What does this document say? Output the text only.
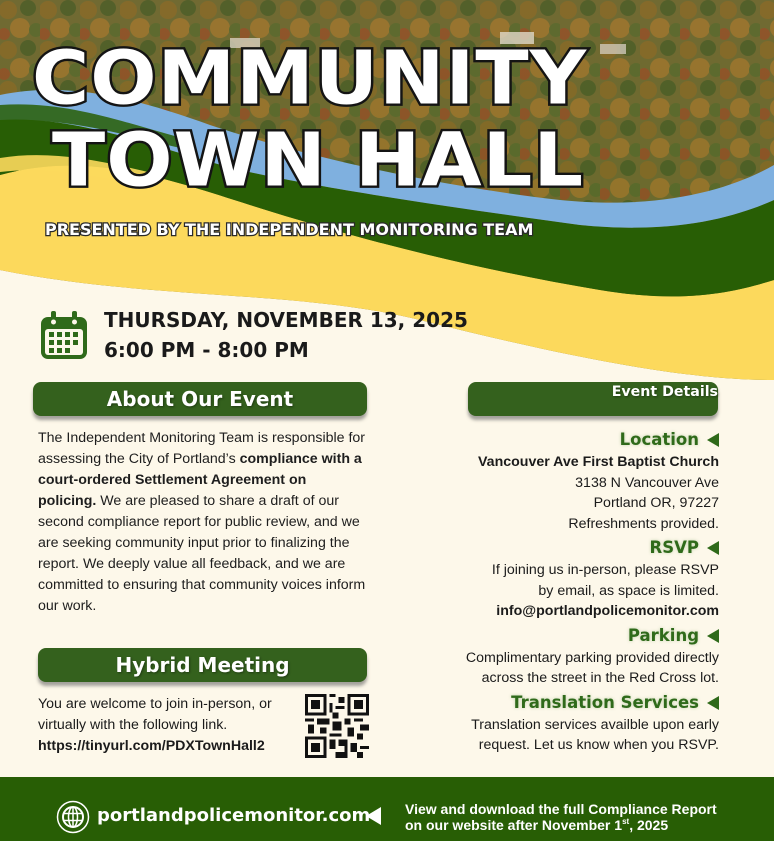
COMMUNITY
TOWN HALL
PRESENTED BY THE INDEPENDENT MONITORING TEAM
THURSDAY, NOVEMBER 13, 2025
6:00 PM - 8:00 PM
About Our Event
The Independent Monitoring Team is responsible for assessing the City of Portland’s compliance with a court-ordered Settlement Agreement on policing. We are pleased to share a draft of our second compliance report for public review, and we are seeking community input prior to finalizing the report. We deeply value all feedback, and we are committed to ensuring that community voices inform our work.
Hybrid Meeting
You are welcome to join in-person, or virtually with the following link.
https://tinyurl.com/PDXTownHall2
Event Details
Location
Vancouver Ave First Baptist Church
3138 N Vancouver Ave
Portland OR, 97227
Refreshments provided.
RSVP
If joining us in-person, please RSVP
by email, as space is limited.
info@portlandpolicemonitor.com
Parking
Complimentary parking provided directly
across the street in the Red Cross lot.
Translation Services
Translation services availble upon early
request. Let us know when you RSVP.
portlandpolicemonitor.com View and download the full Compliance Report
on our website after November 1st, 2025
